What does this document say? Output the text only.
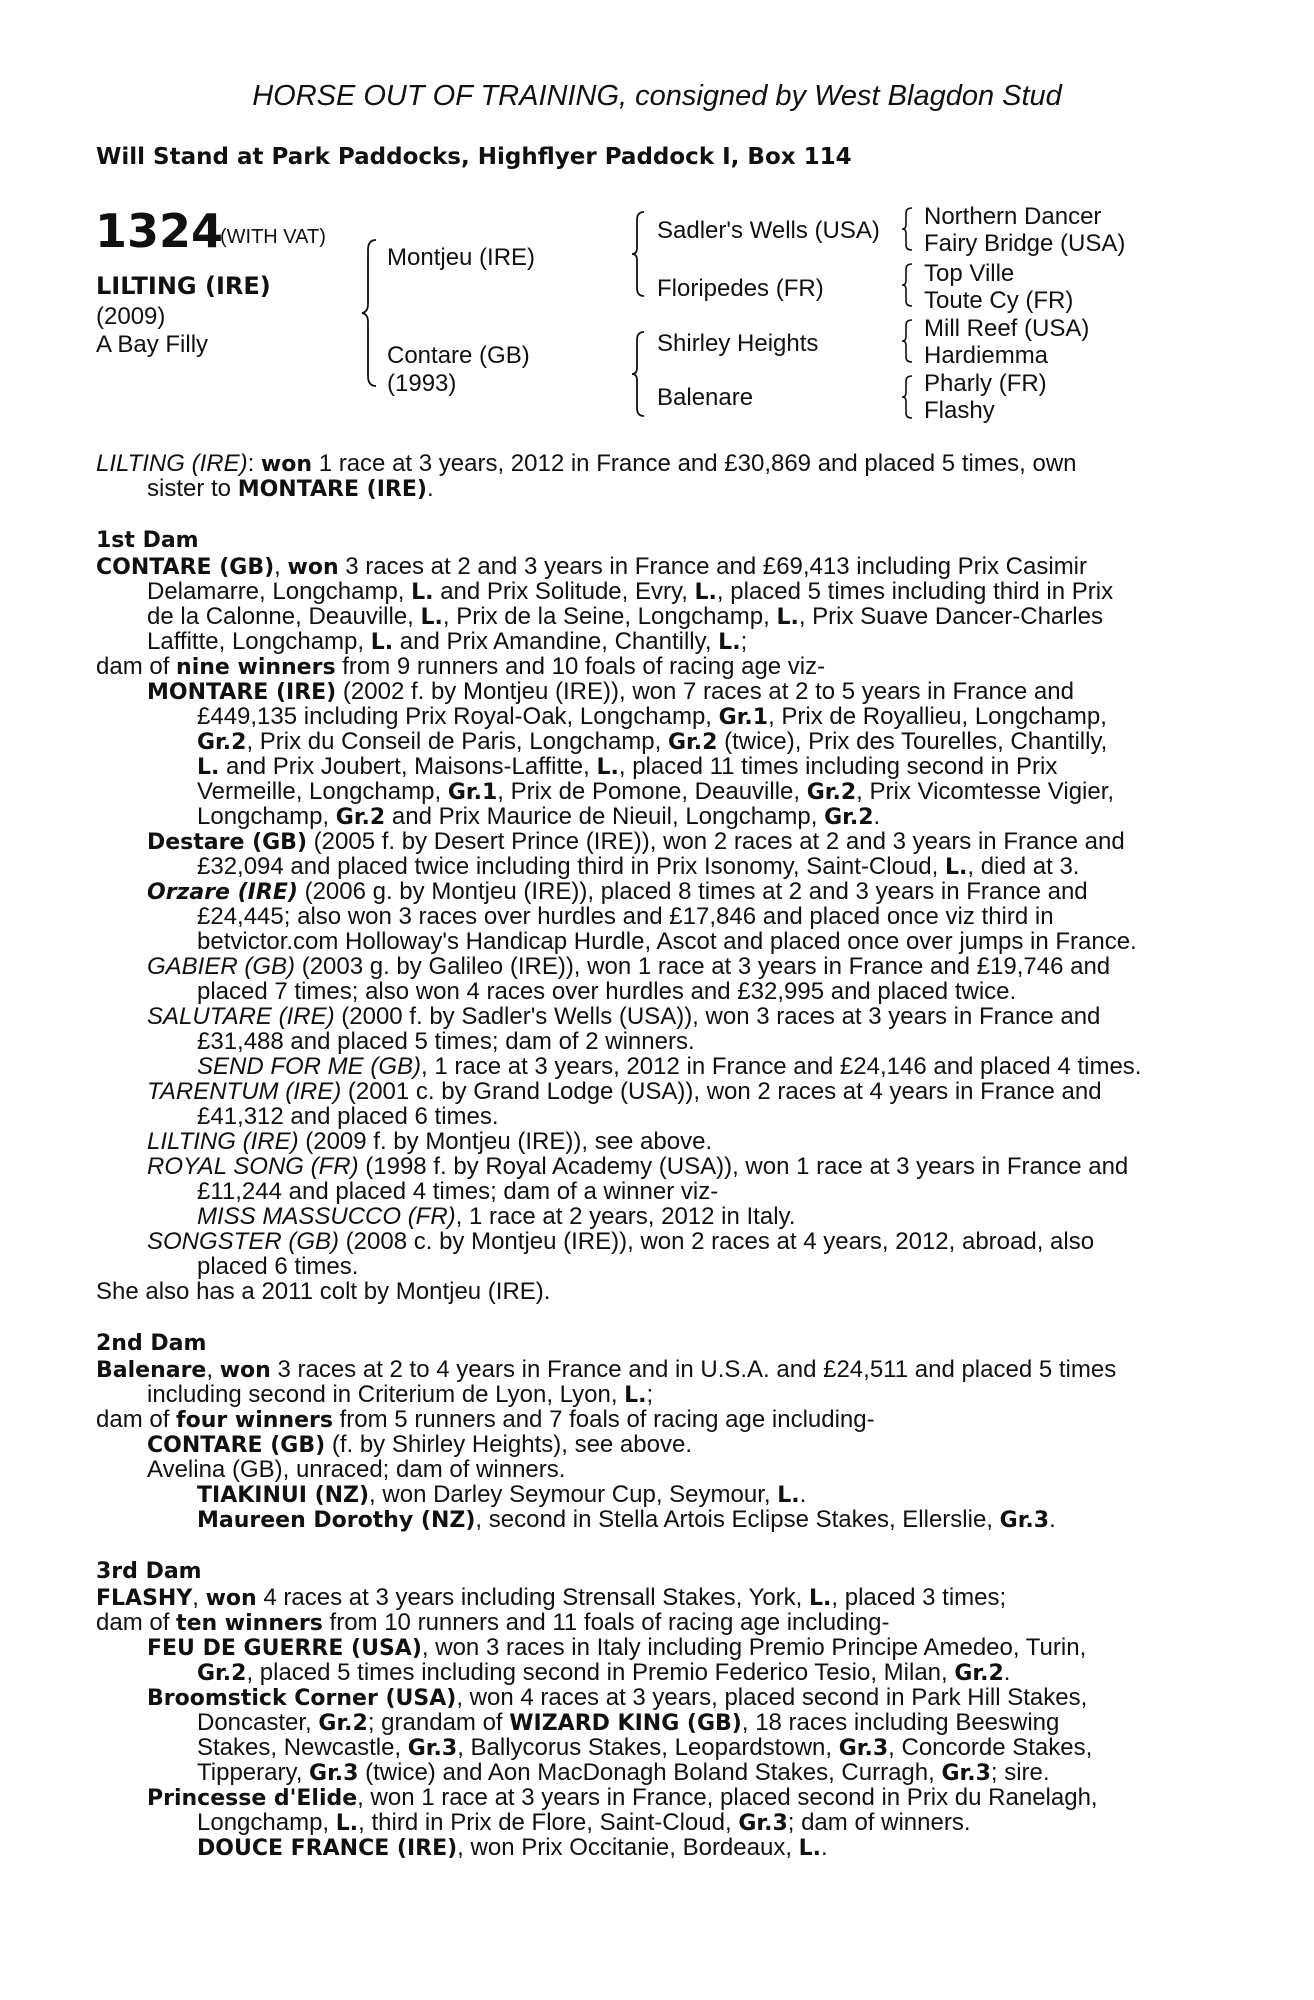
HORSE OUT OF TRAINING, consigned by West Blagdon Stud
Will Stand at Park Paddocks, Highflyer Paddock I, Box 114
1324
(WITH VAT)
LILTING (IRE)
(2009)
A Bay Filly
Montjeu (IRE)
Contare (GB)
(1993)
Sadler's Wells (USA)
Floripedes (FR)
Shirley Heights
Balenare
Northern Dancer
Fairy Bridge (USA)
Top Ville
Toute Cy (FR)
Mill Reef (USA)
Hardiemma
Pharly (FR)
Flashy
LILTING (IRE): won 1 race at 3 years, 2012 in France and £30,869 and placed 5 times, own
sister to MONTARE (IRE).
1st Dam
CONTARE (GB), won 3 races at 2 and 3 years in France and £69,413 including Prix Casimir
Delamarre, Longchamp, L. and Prix Solitude, Evry, L., placed 5 times including third in Prix
de la Calonne, Deauville, L., Prix de la Seine, Longchamp, L., Prix Suave Dancer-Charles
Laffitte, Longchamp, L. and Prix Amandine, Chantilly, L.;
dam of nine winners from 9 runners and 10 foals of racing age viz-
MONTARE (IRE) (2002 f. by Montjeu (IRE)), won 7 races at 2 to 5 years in France and
£449,135 including Prix Royal-Oak, Longchamp, Gr.1, Prix de Royallieu, Longchamp,
Gr.2, Prix du Conseil de Paris, Longchamp, Gr.2 (twice), Prix des Tourelles, Chantilly,
L. and Prix Joubert, Maisons-Laffitte, L., placed 11 times including second in Prix
Vermeille, Longchamp, Gr.1, Prix de Pomone, Deauville, Gr.2, Prix Vicomtesse Vigier,
Longchamp, Gr.2 and Prix Maurice de Nieuil, Longchamp, Gr.2.
Destare (GB) (2005 f. by Desert Prince (IRE)), won 2 races at 2 and 3 years in France and
£32,094 and placed twice including third in Prix Isonomy, Saint-Cloud, L., died at 3.
Orzare (IRE) (2006 g. by Montjeu (IRE)), placed 8 times at 2 and 3 years in France and
£24,445; also won 3 races over hurdles and £17,846 and placed once viz third in
betvictor.com Holloway's Handicap Hurdle, Ascot and placed once over jumps in France.
GABIER (GB) (2003 g. by Galileo (IRE)), won 1 race at 3 years in France and £19,746 and
placed 7 times; also won 4 races over hurdles and £32,995 and placed twice.
SALUTARE (IRE) (2000 f. by Sadler's Wells (USA)), won 3 races at 3 years in France and
£31,488 and placed 5 times; dam of 2 winners.
SEND FOR ME (GB), 1 race at 3 years, 2012 in France and £24,146 and placed 4 times.
TARENTUM (IRE) (2001 c. by Grand Lodge (USA)), won 2 races at 4 years in France and
£41,312 and placed 6 times.
LILTING (IRE) (2009 f. by Montjeu (IRE)), see above.
ROYAL SONG (FR) (1998 f. by Royal Academy (USA)), won 1 race at 3 years in France and
£11,244 and placed 4 times; dam of a winner viz-
MISS MASSUCCO (FR), 1 race at 2 years, 2012 in Italy.
SONGSTER (GB) (2008 c. by Montjeu (IRE)), won 2 races at 4 years, 2012, abroad, also
placed 6 times.
She also has a 2011 colt by Montjeu (IRE).
2nd Dam
Balenare, won 3 races at 2 to 4 years in France and in U.S.A. and £24,511 and placed 5 times
including second in Criterium de Lyon, Lyon, L.;
dam of four winners from 5 runners and 7 foals of racing age including-
CONTARE (GB) (f. by Shirley Heights), see above.
Avelina (GB), unraced; dam of winners.
TIAKINUI (NZ), won Darley Seymour Cup, Seymour, L..
Maureen Dorothy (NZ), second in Stella Artois Eclipse Stakes, Ellerslie, Gr.3.
3rd Dam
FLASHY, won 4 races at 3 years including Strensall Stakes, York, L., placed 3 times;
dam of ten winners from 10 runners and 11 foals of racing age including-
FEU DE GUERRE (USA), won 3 races in Italy including Premio Principe Amedeo, Turin,
Gr.2, placed 5 times including second in Premio Federico Tesio, Milan, Gr.2.
Broomstick Corner (USA), won 4 races at 3 years, placed second in Park Hill Stakes,
Doncaster, Gr.2; grandam of WIZARD KING (GB), 18 races including Beeswing
Stakes, Newcastle, Gr.3, Ballycorus Stakes, Leopardstown, Gr.3, Concorde Stakes,
Tipperary, Gr.3 (twice) and Aon MacDonagh Boland Stakes, Curragh, Gr.3; sire.
Princesse d'Elide, won 1 race at 3 years in France, placed second in Prix du Ranelagh,
Longchamp, L., third in Prix de Flore, Saint-Cloud, Gr.3; dam of winners.
DOUCE FRANCE (IRE), won Prix Occitanie, Bordeaux, L..
